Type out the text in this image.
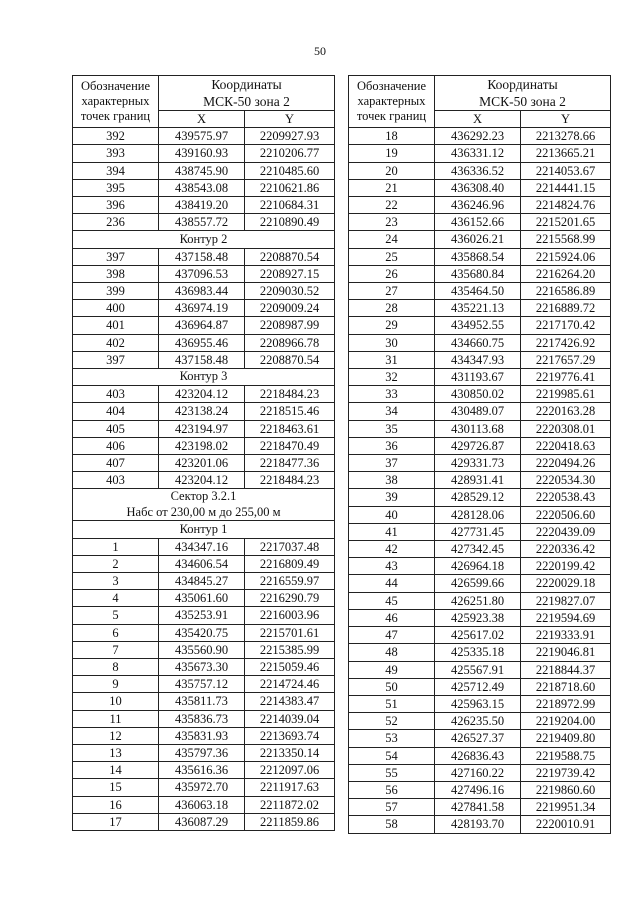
50
Обозначение
характерных
точек границ	Координаты
МСК-50 зона 2	
	X	Y
392	439575.97	2209927.93
393	439160.93	2210206.77
394	438745.90	2210485.60
395	438543.08	2210621.86
396	438419.20	2210684.31
236	438557.72	2210890.49
Контур 2		
397	437158.48	2208870.54
398	437096.53	2208927.15
399	436983.44	2209030.52
400	436974.19	2209009.24
401	436964.87	2208987.99
402	436955.46	2208966.78
397	437158.48	2208870.54
Контур 3		
403	423204.12	2218484.23
404	423138.24	2218515.46
405	423194.97	2218463.61
406	423198.02	2218470.49
407	423201.06	2218477.36
403	423204.12	2218484.23

Сектор 3.2.1
Набс от 230,00 м до 255,00 м		

Контур 1		
1	434347.16	2217037.48
2	434606.54	2216809.49
3	434845.27	2216559.97
4	435061.60	2216290.79
5	435253.91	2216003.96
6	435420.75	2215701.61
7	435560.90	2215385.99
8	435673.30	2215059.46
9	435757.12	2214724.46
10	435811.73	2214383.47
11	435836.73	2214039.04
12	435831.93	2213693.74
13	435797.36	2213350.14
14	435616.36	2212097.06
15	435972.70	2211917.63
16	436063.18	2211872.02
17	436087.29	2211859.86
Обозначение
характерных
точек границ	Координаты
МСК-50 зона 2	
	X	Y
18	436292.23	2213278.66
19	436331.12	2213665.21
20	436336.52	2214053.67
21	436308.40	2214441.15
22	436246.96	2214824.76
23	436152.66	2215201.65
24	436026.21	2215568.99
25	435868.54	2215924.06
26	435680.84	2216264.20
27	435464.50	2216586.89
28	435221.13	2216889.72
29	434952.55	2217170.42
30	434660.75	2217426.92
31	434347.93	2217657.29
32	431193.67	2219776.41
33	430850.02	2219985.61
34	430489.07	2220163.28
35	430113.68	2220308.01
36	429726.87	2220418.63
37	429331.73	2220494.26
38	428931.41	2220534.30
39	428529.12	2220538.43
40	428128.06	2220506.60
41	427731.45	2220439.09
42	427342.45	2220336.42
43	426964.18	2220199.42
44	426599.66	2220029.18
45	426251.80	2219827.07
46	425923.38	2219594.69
47	425617.02	2219333.91
48	425335.18	2219046.81
49	425567.91	2218844.37
50	425712.49	2218718.60
51	425963.15	2218972.99
52	426235.50	2219204.00
53	426527.37	2219409.80
54	426836.43	2219588.75
55	427160.22	2219739.42
56	427496.16	2219860.60
57	427841.58	2219951.34
58	428193.70	2220010.91
